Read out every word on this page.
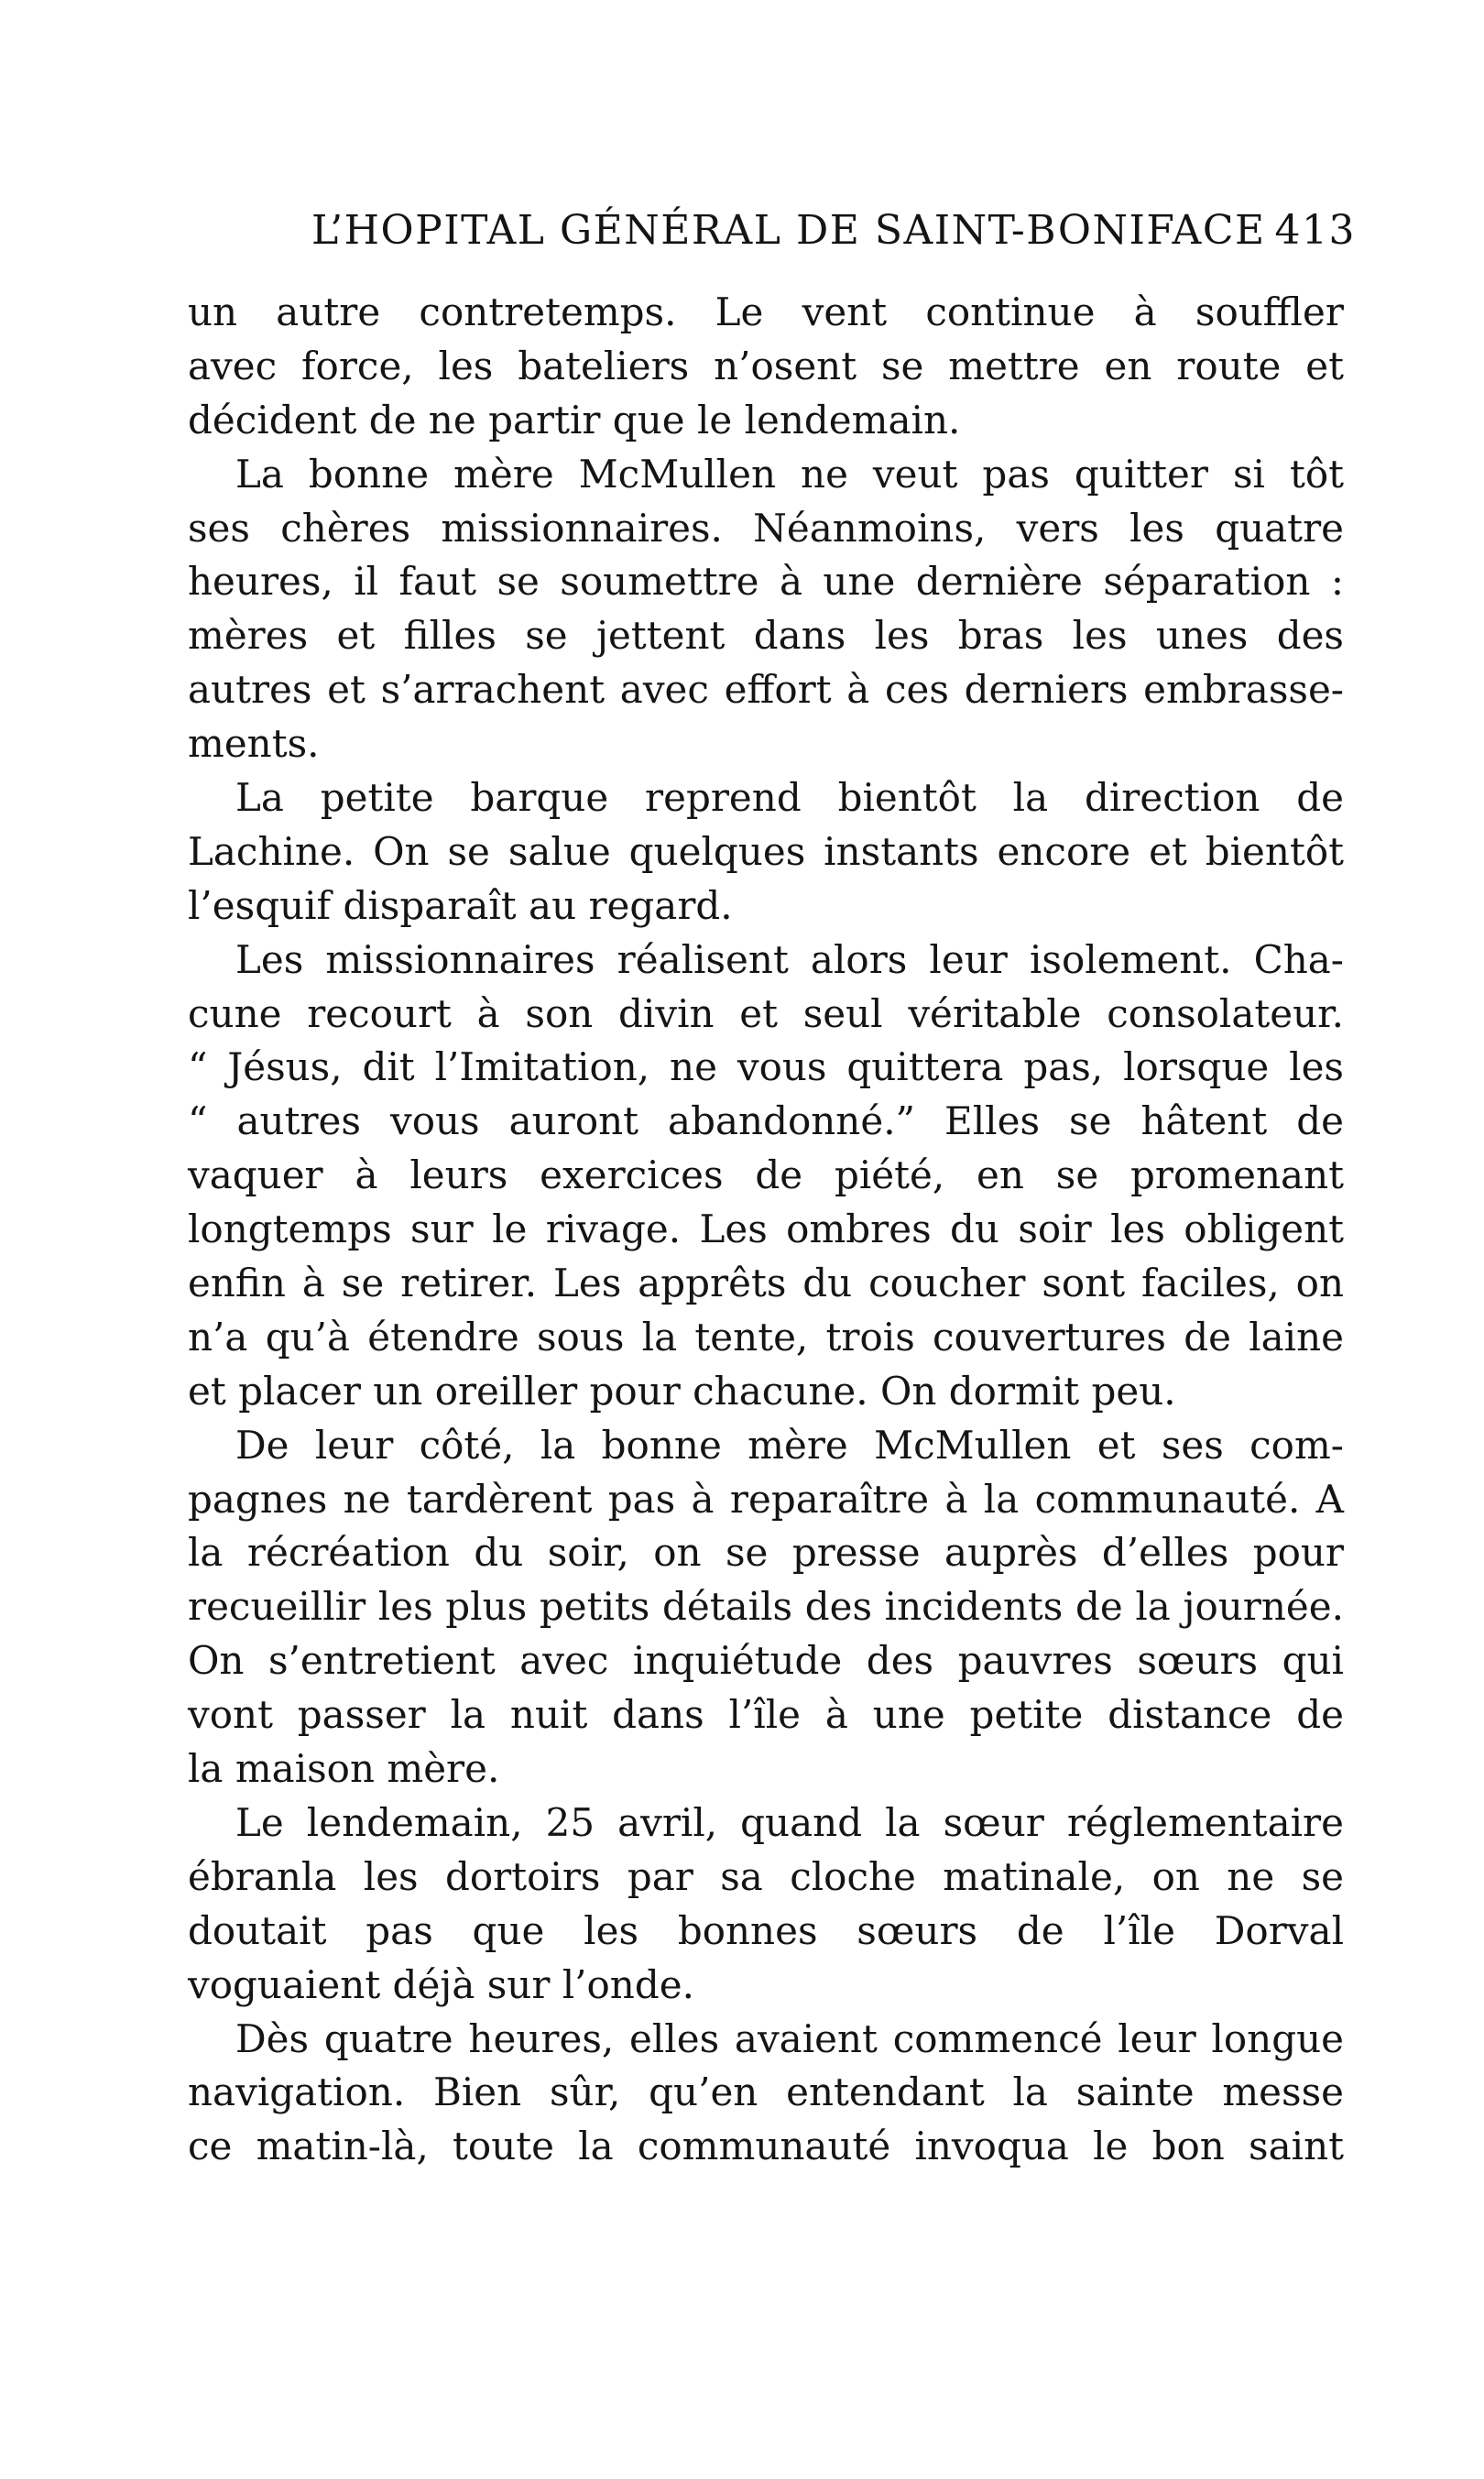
L’HOPITAL GÉNÉRAL DE SAINT-BONIFACE 413

un autre contretemps. Le vent continue à souffler
avec force, les bateliers n’osent se mettre en route et
décident de ne partir que le lendemain.

La bonne mère McMullen ne veut pas quitter si tôt
ses chères missionnaires. Néanmoins, vers les quatre
heures, il faut se soumettre à une dernière séparation :
mères et filles se jettent dans les bras les unes des
autres et s’arrachent avec effort à ces derniers embrasse-
ments.

La petite barque reprend bientôt la direction de
Lachine. On se salue quelques instants encore et bientôt
l’esquif disparaît au regard.

Les missionnaires réalisent alors leur isolement. Cha-
cune recourt à son divin et seul véritable consolateur.
“ Jésus, dit l’Imitation, ne vous quittera pas, lorsque les
“ autres vous auront abandonné.” Elles se hâtent de
vaquer à leurs exercices de piété, en se promenant
longtemps sur le rivage. Les ombres du soir les obligent
enfin à se retirer. Les apprêts du coucher sont faciles, on
n’a qu’à étendre sous la tente, trois couvertures de laine
et placer un oreiller pour chacune. On dormit peu.

De leur côté, la bonne mère McMullen et ses com-
pagnes ne tardèrent pas à reparaître à la communauté. A
la récréation du soir, on se presse auprès d’elles pour
recueillir les plus petits détails des incidents de la journée.
On s’entretient avec inquiétude des pauvres sœurs qui
vont passer la nuit dans l’île à une petite distance de
la maison mère.

Le lendemain, 25 avril, quand la sœur réglementaire
ébranla les dortoirs par sa cloche matinale, on ne se
doutait pas que les bonnes sœurs de l’île Dorval
voguaient déjà sur l’onde.

Dès quatre heures, elles avaient commencé leur longue
navigation. Bien sûr, qu’en entendant la sainte messe
ce matin-là, toute la communauté invoqua le bon saint
